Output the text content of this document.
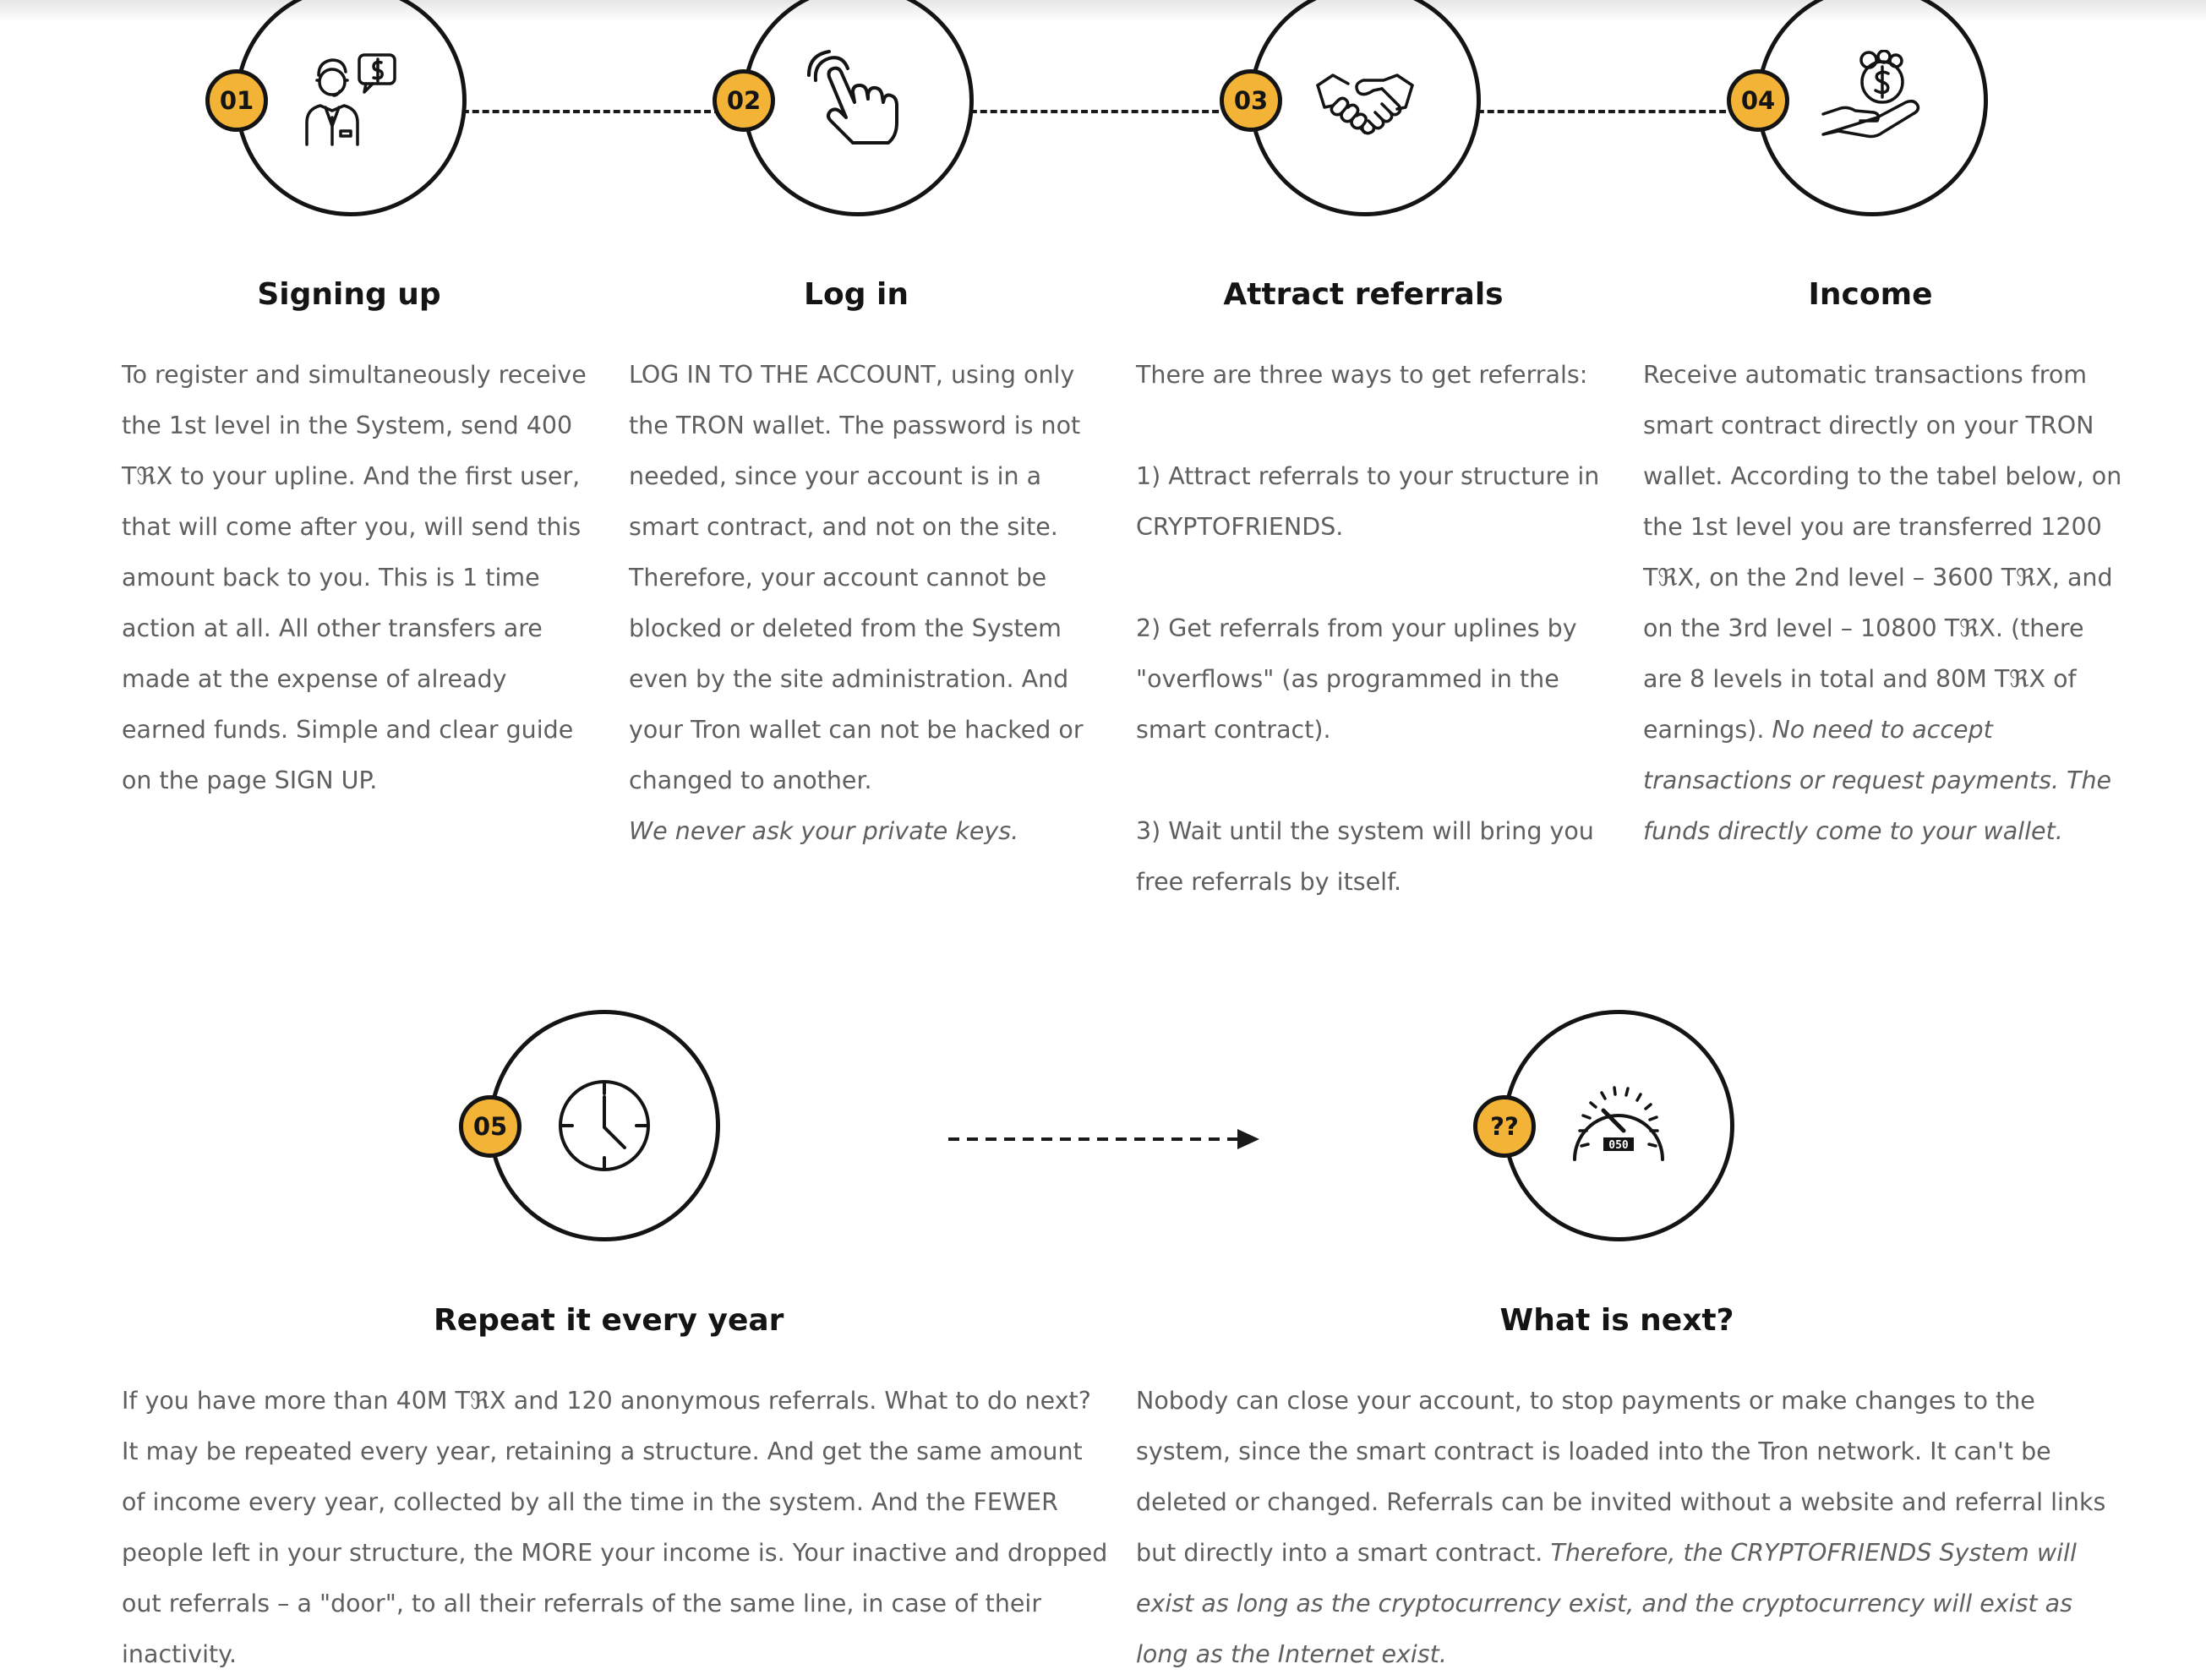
01
Signing up

To register and simultaneously receive the 1st level in the System, send 400 TℜX to your upline. And the first user, that will come after you, will send this amount back to you. This is 1 time action at all. All other transfers are made at the expense of already earned funds. Simple and clear guide on the page SIGN UP.

02
Log in

LOG IN TO THE ACCOUNT, using only the TRON wallet. The password is not needed, since your account is in a smart contract, and not on the site. Therefore, your account cannot be blocked or deleted from the System even by the site administration. And your Tron wallet can not be hacked or changed to another.

We never ask your private keys.

03
Attract referrals

There are three ways to get referrals:

1) Attract referrals to your structure in CRYPTOFRIENDS.

2) Get referrals from your uplines by "overflows" (as programmed in the smart contract).

3) Wait until the system will bring you free referrals by itself.

04
Income

Receive automatic transactions from smart contract directly on your TRON wallet. According to the tabel below, on the 1st level you are transferred 1200 TℜX, on the 2nd level – 3600 TℜX, and on the 3rd level – 10800 TℜX. (there are 8 levels in total and 80M TℜX of earnings). No need to accept transactions or request payments. The funds directly come to your wallet.

05
Repeat it every year

If you have more than 40M TℜX and 120 anonymous referrals. What to do next? It may be repeated every year, retaining a structure. And get the same amount of income every year, collected by all the time in the system. And the FEWER people left in your structure, the MORE your income is. Your inactive and dropped out referrals – a "door", to all their referrals of the same line, in case of their inactivity.

050
??
What is next?

Nobody can close your account, to stop payments or make changes to the system, since the smart contract is loaded into the Tron network. It can't be deleted or changed. Referrals can be invited without a website and referral links but directly into a smart contract. Therefore, the CRYPTOFRIENDS System will exist as long as the cryptocurrency exist, and the cryptocurrency will exist as long as the Internet exist.
